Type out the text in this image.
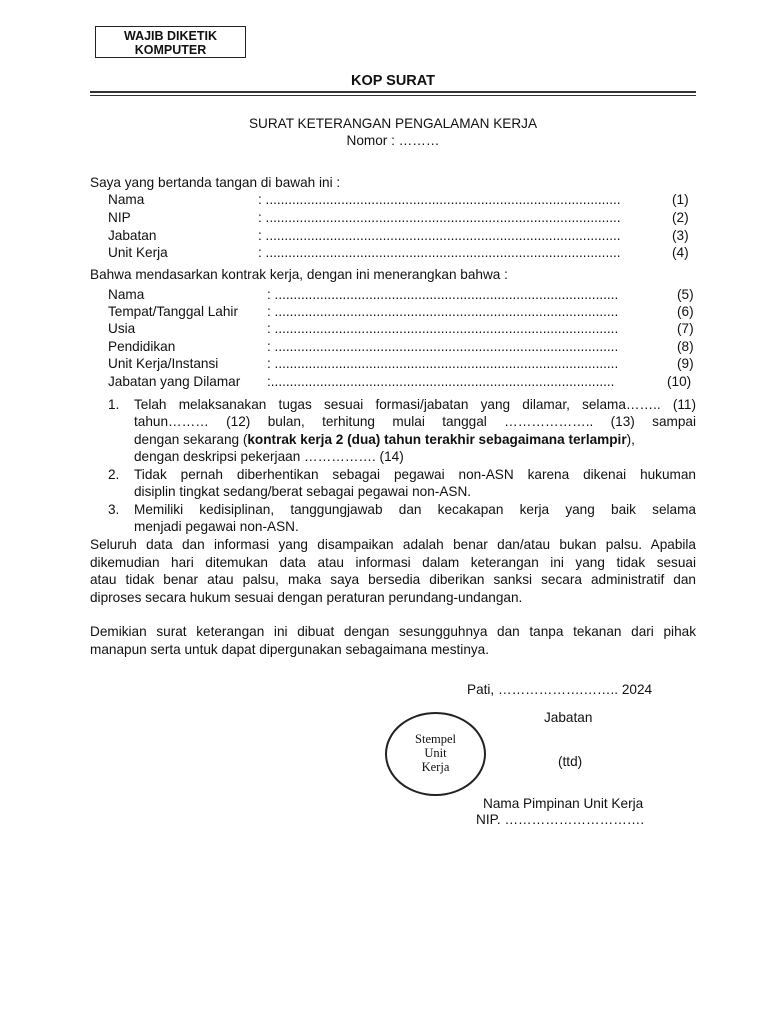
WAJIB DIKETIK
KOMPUTER
KOP SURAT
SURAT KETERANGAN PENGALAMAN KERJA
Nomor : ………
Saya yang bertanda tangan di bawah ini :
Nama	: ..............................................................................................	(1)
NIP	: ..............................................................................................	(2)
Jabatan	: ..............................................................................................	(3)
Unit Kerja	: ..............................................................................................	(4)
Bahwa mendasarkan kontrak kerja, dengan ini menerangkan bahwa :
Nama	: ...........................................................................................	(5)
Tempat/Tanggal Lahir : ...........................................................................................	(6)
Usia	: ...........................................................................................	(7)
Pendidikan	: ...........................................................................................	(8)
Unit Kerja/Instansi	: ...........................................................................................	(9)
Jabatan yang Dilamar :...........................................................................................	(10)
1. Telah melaksanakan tugas sesuai formasi/jabatan yang dilamar, selama…….. (11)
tahun……… (12) bulan, terhitung mulai tanggal ……………….. (13) sampai
dengan sekarang (kontrak kerja 2 (dua) tahun terakhir sebagaimana terlampir),
dengan deskripsi pekerjaan ……………. (14)
2. Tidak pernah diberhentikan sebagai pegawai non-ASN karena dikenai hukuman
disiplin tingkat sedang/berat sebagai pegawai non-ASN.
3. Memiliki kedisiplinan, tanggungjawab dan kecakapan kerja yang baik selama
menjadi pegawai non-ASN.
Seluruh data dan informasi yang disampaikan adalah benar dan/atau bukan palsu. Apabila
dikemudian hari ditemukan data atau informasi dalam keterangan ini yang tidak sesuai
atau tidak benar atau palsu, maka saya bersedia diberikan sanksi secara administratif dan
diproses secara hukum sesuai dengan peraturan perundang-undangan.
Demikian surat keterangan ini dibuat dengan sesungguhnya dan tanpa tekanan dari pihak
manapun serta untuk dapat dipergunakan sebagaimana mestinya.
Pati, ……………….…….. 2024
Jabatan
(ttd)
Nama Pimpinan Unit Kerja
NIP. ………………………….
Stempel
Unit
Kerja
